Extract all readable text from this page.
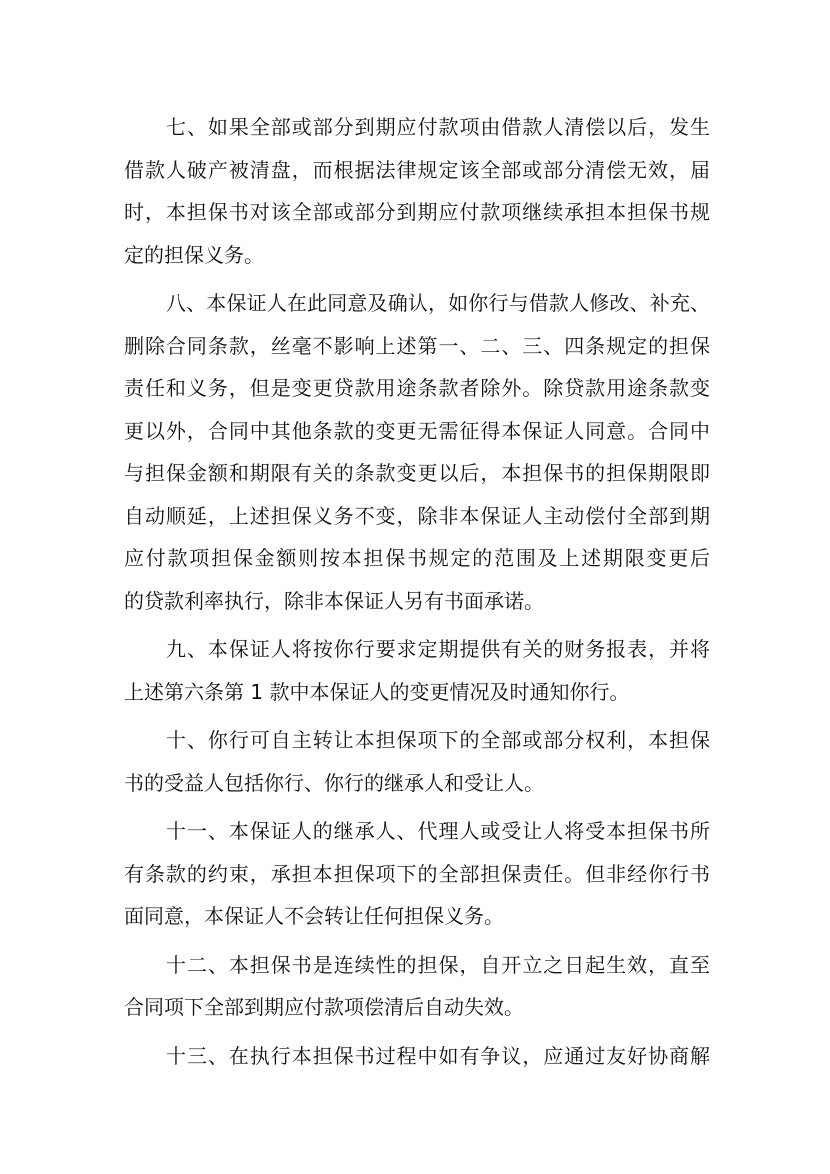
七、如果全部或部分到期应付款项由借款人清偿以后，发生
借款人破产被清盘，而根据法律规定该全部或部分清偿无效，届
时，本担保书对该全部或部分到期应付款项继续承担本担保书规
定的担保义务。
八、本保证人在此同意及确认，如你行与借款人修改、补充、
删除合同条款，丝毫不影响上述第一、二、三、四条规定的担保
责任和义务，但是变更贷款用途条款者除外。除贷款用途条款变
更以外，合同中其他条款的变更无需征得本保证人同意。合同中
与担保金额和期限有关的条款变更以后，本担保书的担保期限即
自动顺延，上述担保义务不变，除非本保证人主动偿付全部到期
应付款项担保金额则按本担保书规定的范围及上述期限变更后
的贷款利率执行，除非本保证人另有书面承诺。
九、本保证人将按你行要求定期提供有关的财务报表，并将
上述第六条第 1 款中本保证人的变更情况及时通知你行。
十、你行可自主转让本担保项下的全部或部分权利，本担保
书的受益人包括你行、你行的继承人和受让人。
十一、本保证人的继承人、代理人或受让人将受本担保书所
有条款的约束，承担本担保项下的全部担保责任。但非经你行书
面同意，本保证人不会转让任何担保义务。
十二、本担保书是连续性的担保，自开立之日起生效，直至
合同项下全部到期应付款项偿清后自动失效。
十三、在执行本担保书过程中如有争议，应通过友好协商解
